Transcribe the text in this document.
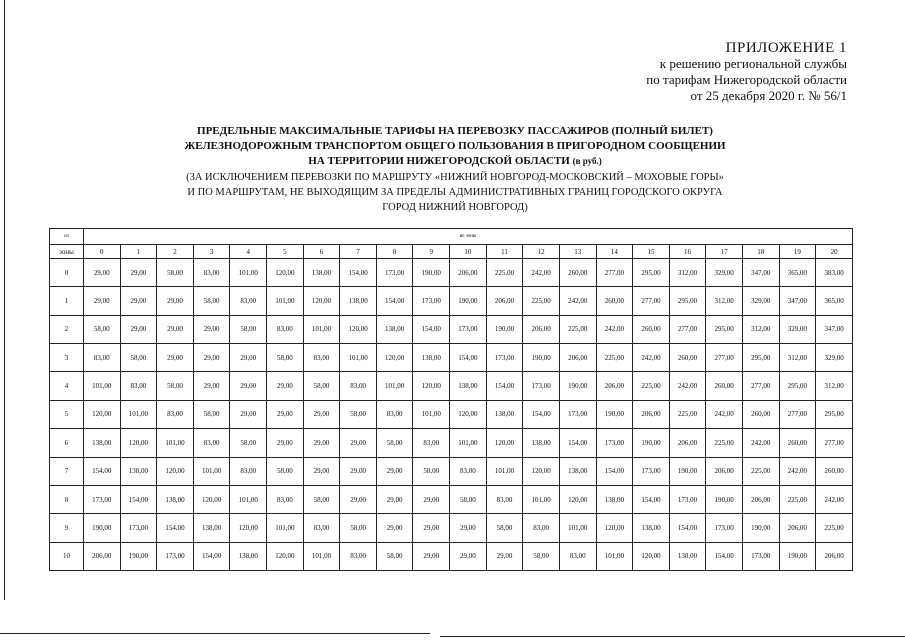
ПРИЛОЖЕНИЕ 1
к решению региональной службы
по тарифам Нижегородской области
от 25 декабря 2020 г. № 56/1
ПРЕДЕЛЬНЫЕ МАКСИМАЛЬНЫЕ ТАРИФЫ НА ПЕРЕВОЗКУ ПАССАЖИРОВ (ПОЛНЫЙ БИЛЕТ)
ЖЕЛЕЗНОДОРОЖНЫМ ТРАНСПОРТОМ ОБЩЕГО ПОЛЬЗОВАНИЯ В ПРИГОРОДНОМ СООБЩЕНИИ
НА ТЕРРИТОРИИ НИЖЕГОРОДСКОЙ ОБЛАСТИ (в руб.)
(ЗА ИСКЛЮЧЕНИЕМ ПЕРЕВОЗКИ ПО МАРШРУТУ «НИЖНИЙ НОВГОРОД-МОСКОВСКИЙ – МОХОВЫЕ ГОРЫ»
И ПО МАРШРУТАМ, НЕ ВЫХОДЯЩИМ ЗА ПРЕДЕЛЫ АДМИНИСТРАТИВНЫХ ГРАНИЦ ГОРОДСКОГО ОКРУГА
ГОРОД НИЖНИЙ НОВГОРОД)
из	во зоны																				
зоны	0	1	2	3	4	5	6	7	8	9	10	11	12	13	14	15	16	17	18	19	20
0	29,00	29,00	58,00	83,00	101,00	120,00	138,00	154,00	173,00	190,00	206,00	225,00	242,00	260,00	277,00	295,00	312,00	329,00	347,00	365,00	383,00
1	29,00	29,00	29,00	58,00	83,00	101,00	120,00	138,00	154,00	173,00	190,00	206,00	225,00	242,00	260,00	277,00	295,00	312,00	329,00	347,00	365,00
2	58,00	29,00	29,00	29,00	58,00	83,00	101,00	120,00	138,00	154,00	173,00	190,00	206,00	225,00	242,00	260,00	277,00	295,00	312,00	329,00	347,00
3	83,00	58,00	29,00	29,00	29,00	58,00	83,00	101,00	120,00	138,00	154,00	173,00	190,00	206,00	225,00	242,00	260,00	277,00	295,00	312,00	329,00
4	101,00	83,00	58,00	29,00	29,00	29,00	58,00	83,00	101,00	120,00	138,00	154,00	173,00	190,00	206,00	225,00	242,00	260,00	277,00	295,00	312,00
5	120,00	101,00	83,00	58,00	29,00	29,00	29,00	58,00	83,00	101,00	120,00	138,00	154,00	173,00	190,00	206,00	225,00	242,00	260,00	277,00	295,00
6	138,00	120,00	101,00	83,00	58,00	29,00	29,00	29,00	58,00	83,00	101,00	120,00	138,00	154,00	173,00	190,00	206,00	225,00	242,00	260,00	277,00
7	154,00	138,00	120,00	101,00	83,00	58,00	29,00	29,00	29,00	58,00	83,00	101,00	120,00	138,00	154,00	173,00	190,00	206,00	225,00	242,00	260,00
8	173,00	154,00	138,00	120,00	101,00	83,00	58,00	29,00	29,00	29,00	58,00	83,00	101,00	120,00	138,00	154,00	173,00	190,00	206,00	225,00	242,00
9	190,00	173,00	154,00	138,00	120,00	101,00	83,00	58,00	29,00	29,00	29,00	58,00	83,00	101,00	120,00	138,00	154,00	173,00	190,00	206,00	225,00
10	206,00	190,00	173,00	154,00	138,00	120,00	101,00	83,00	58,00	29,00	29,00	29,00	58,00	83,00	101,00	120,00	138,00	154,00	173,00	190,00	206,00
